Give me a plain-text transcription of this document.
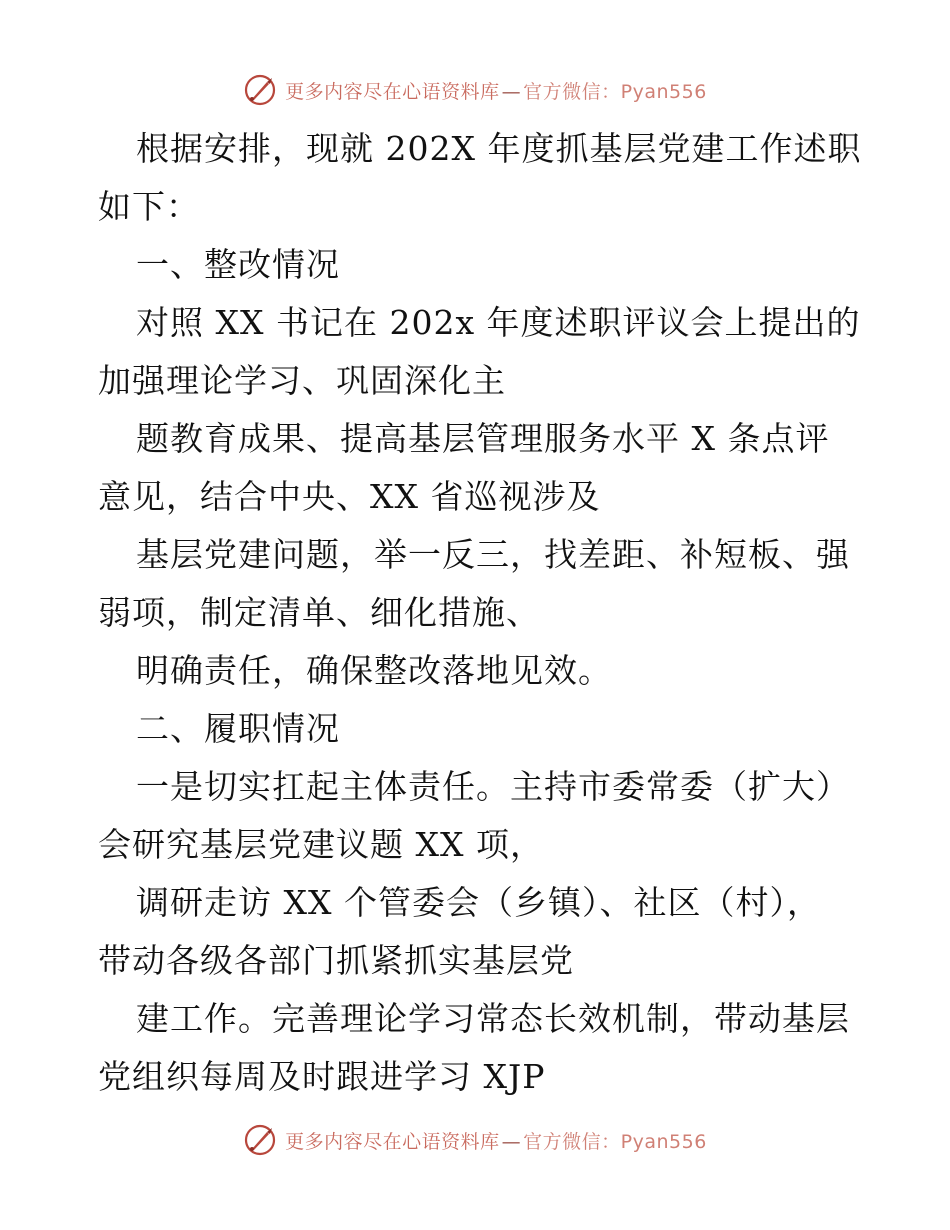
更多内容尽在心语资料库 — 官方微信：Pyan556
根据安排，现就 202X 年度抓基层党建工作述职
如下：
一、整改情况
对照 XX 书记在 202x 年度述职评议会上提出的
加强理论学习、巩固深化主
题教育成果、提高基层管理服务水平 X 条点评
意见，结合中央、XX 省巡视涉及
基层党建问题，举一反三，找差距、补短板、强
弱项，制定清单、细化措施、
明确责任，确保整改落地见效。
二、履职情况
一是切实扛起主体责任。主持市委常委（扩大）
会研究基层党建议题 XX 项，
调研走访 XX 个管委会（乡镇）、社区（村），
带动各级各部门抓紧抓实基层党
建工作。完善理论学习常态长效机制，带动基层
党组织每周及时跟进学习 XJP
更多内容尽在心语资料库 — 官方微信：Pyan556
